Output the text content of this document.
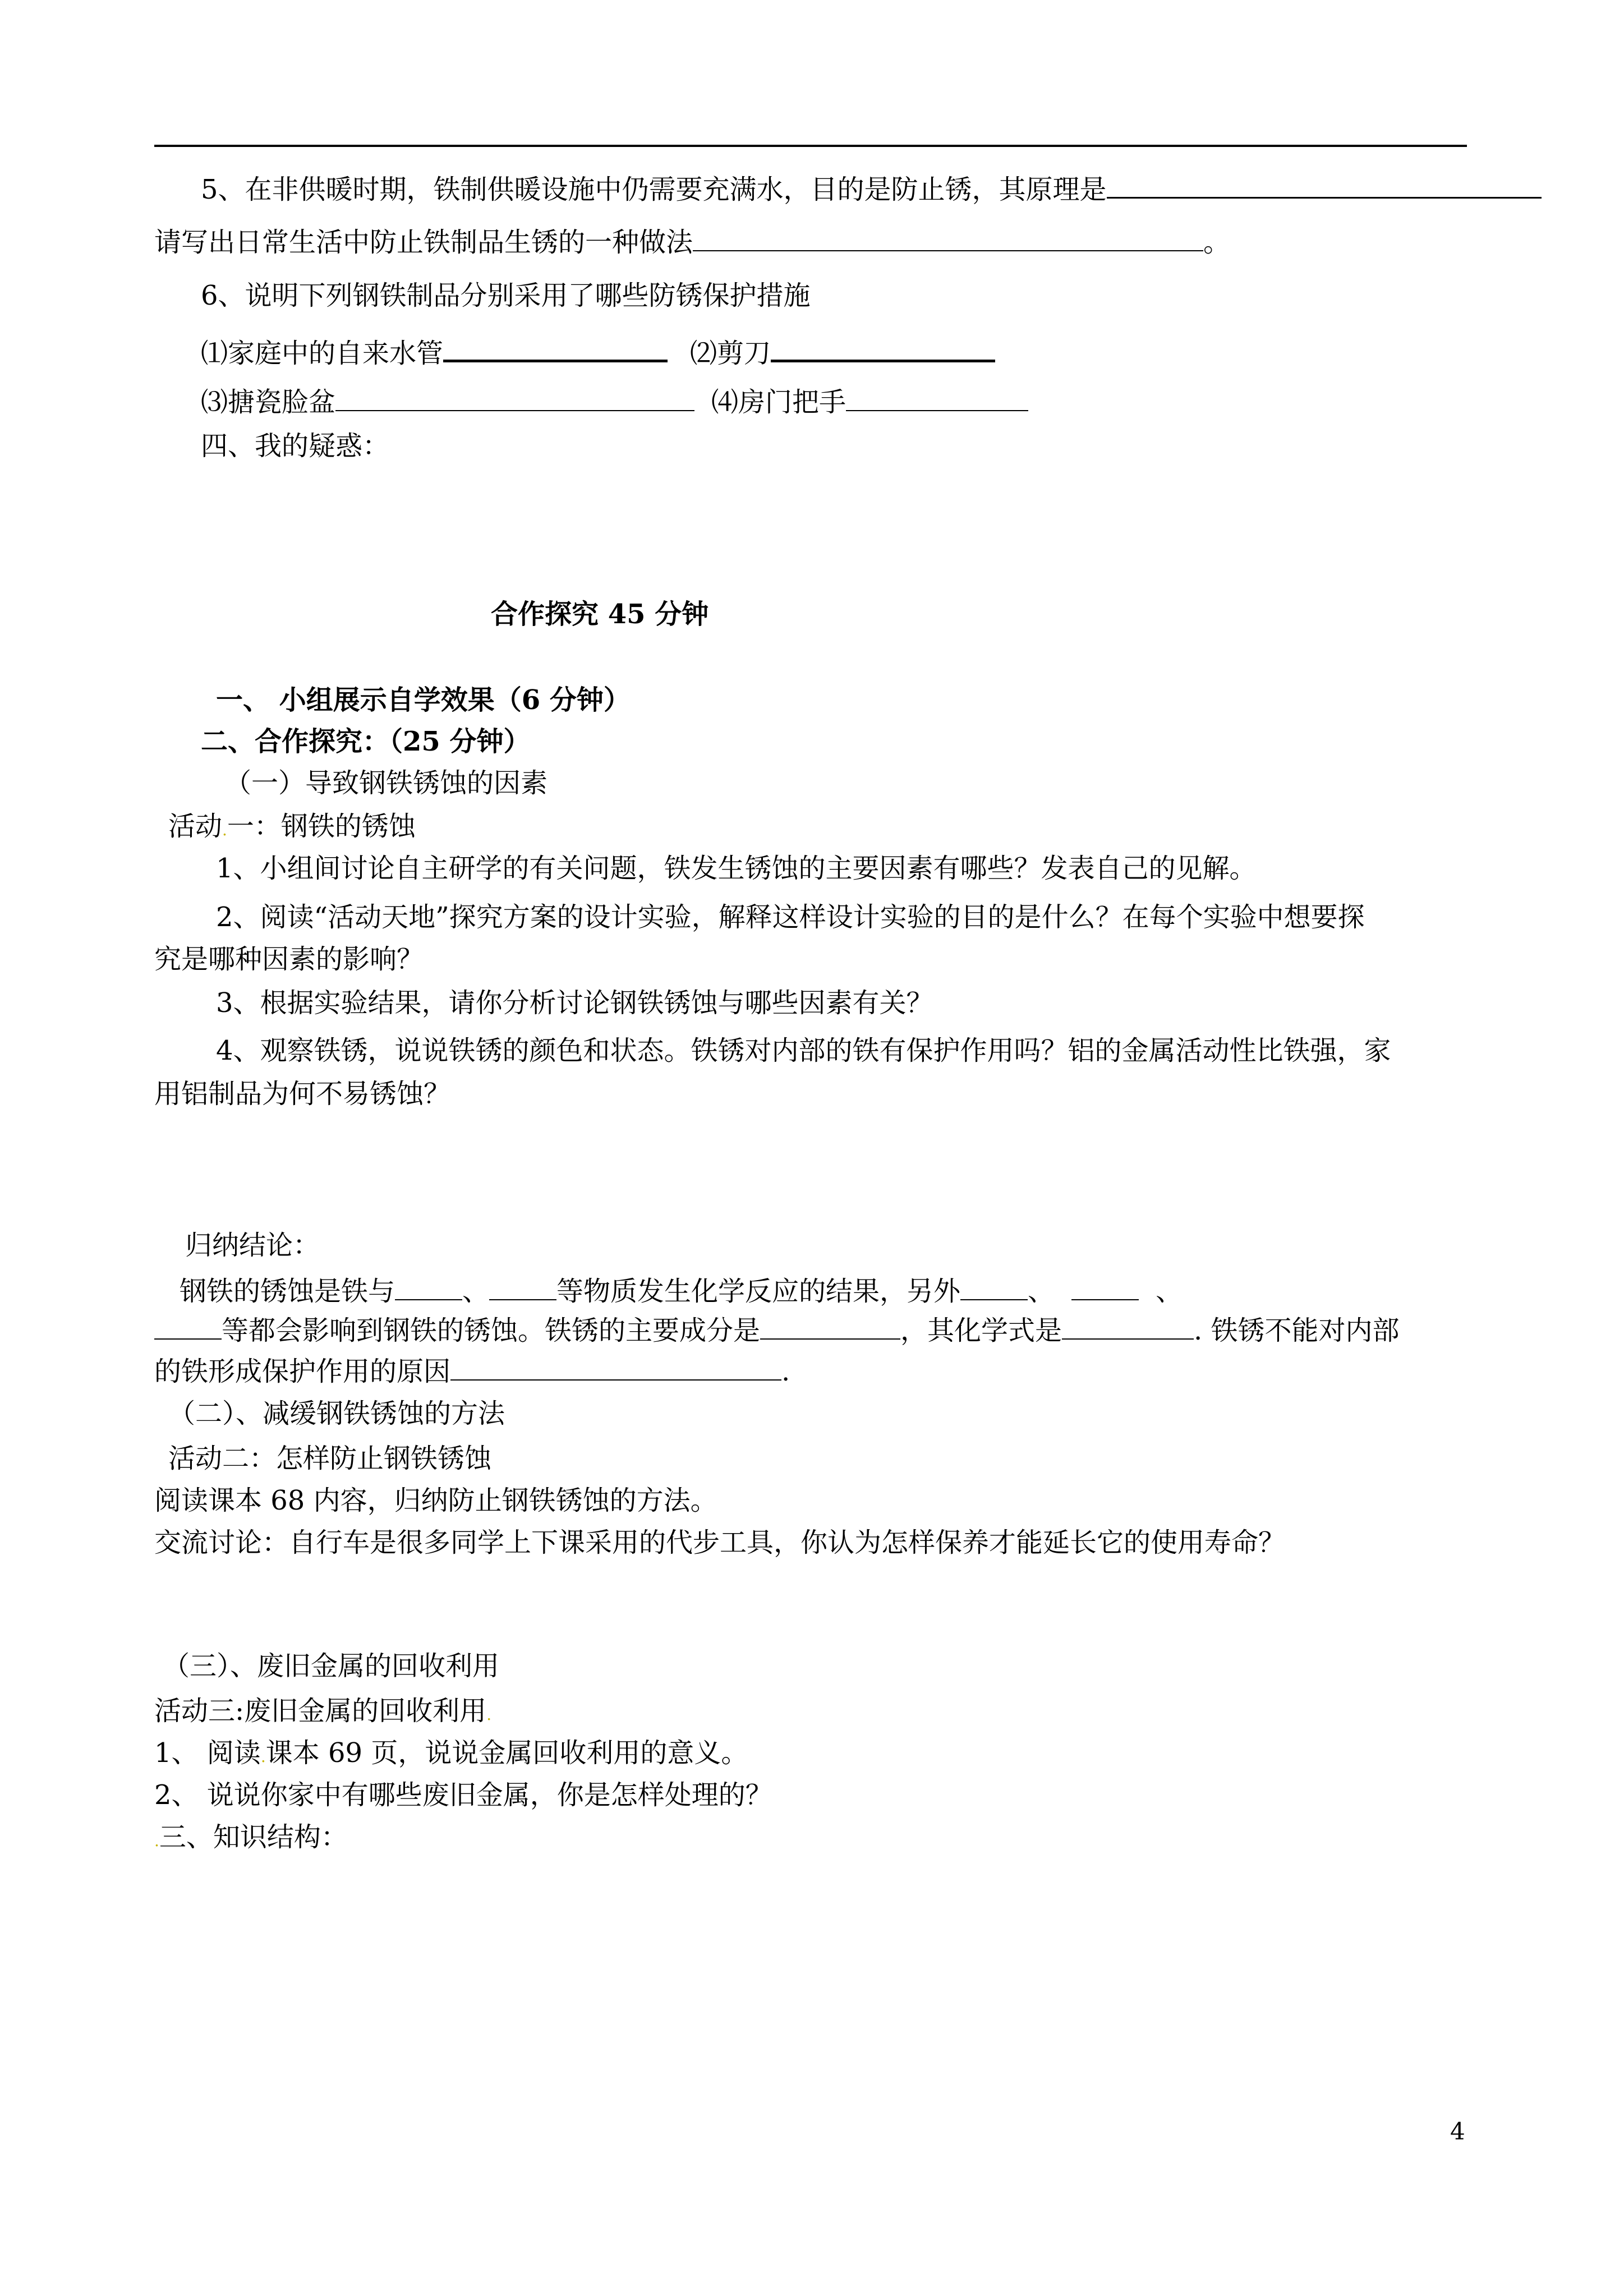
5、在非供暖时期，铁制供暖设施中仍需要充满水，目的是防止锈，其原理是
请写出日常生活中防止铁制品生锈的一种做法	。
6、说明下列钢铁制品分别采用了哪些防锈保护措施
⑴家庭中的自来水管	⑵剪刀
⑶搪瓷脸盆	⑷房门把手
四、我的疑惑：
合作探究 45 分钟
一、 小组展示自学效果（6 分钟）
二、合作探究：（25 分钟）
（一）导致钢铁锈蚀的因素
活动.一：钢铁的锈蚀
1、小组间讨论自主研学的有关问题，铁发生锈蚀的主要因素有哪些？发表自己的见解。
2、阅读“活动天地”探究方案的设计实验，解释这样设计实验的目的是什么？在每个实验中想要探
究是哪种因素的影响？
3、根据实验结果，请你分析讨论钢铁锈蚀与哪些因素有关？
4、观察铁锈，说说铁锈的颜色和状态。铁锈对内部的铁有保护作用吗？铝的金属活动性比铁强，家
用铝制品为何不易锈蚀？
归纳结论：
钢铁的锈蚀是铁与	、	等物质发生化学反应的结果，另外	、	、
等都会影响到钢铁的锈蚀。铁锈的主要成分是	，其化学式是	. 铁锈不能对内部
的铁形成保护作用的原因	.
（二）、减缓钢铁锈蚀的方法
活动二：怎样防止钢铁锈蚀
阅读课本 68 内容，归纳防止钢铁锈蚀的方法。
交流讨论：自行车是很多同学上下课采用的代步工具，你认为怎样保养才能延长它的使用寿命？
（三）、废旧金属的回收利用
活动三:废旧金属的回收利用.
1、 阅读.课本 69 页，说说金属回收利用的意义。
2、 说说你家中有哪些废旧金属，你是怎样处理的？
.三、知识结构：
4
